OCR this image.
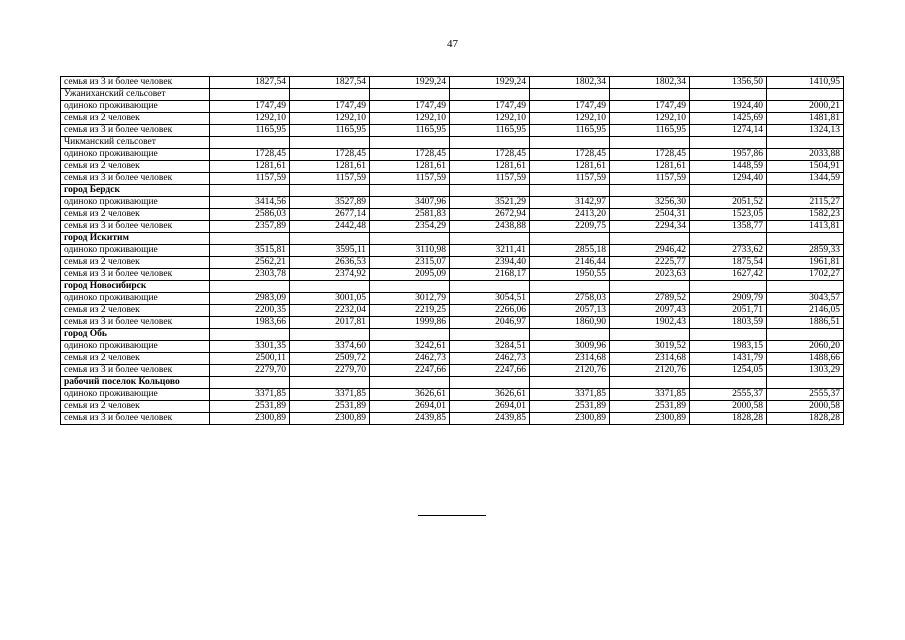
47
семья из 3 и более человек	1827,54	1827,54	1929,24	1929,24	1802,34	1802,34	1356,50	1410,95
Ужаниханский сельсовет								
одиноко проживающие	1747,49	1747,49	1747,49	1747,49	1747,49	1747,49	1924,40	2000,21
семья из 2 человек	1292,10	1292,10	1292,10	1292,10	1292,10	1292,10	1425,69	1481,81
семья из 3 и более человек	1165,95	1165,95	1165,95	1165,95	1165,95	1165,95	1274,14	1324,13
Чикманский сельсовет								
одиноко проживающие	1728,45	1728,45	1728,45	1728,45	1728,45	1728,45	1957,86	2033,88
семья из 2 человек	1281,61	1281,61	1281,61	1281,61	1281,61	1281,61	1448,59	1504,91
семья из 3 и более человек	1157,59	1157,59	1157,59	1157,59	1157,59	1157,59	1294,40	1344,59
город Бердск								
одиноко проживающие	3414,56	3527,89	3407,96	3521,29	3142,97	3256,30	2051,52	2115,27
семья из 2 человек	2586,03	2677,14	2581,83	2672,94	2413,20	2504,31	1523,05	1582,23
семья из 3 и более человек	2357,89	2442,48	2354,29	2438,88	2209,75	2294,34	1358,77	1413,81
город Искитим								
одиноко проживающие	3515,81	3595,11	3110,98	3211,41	2855,18	2946,42	2733,62	2859,33
семья из 2 человек	2562,21	2636,53	2315,07	2394,40	2146,44	2225,77	1875,54	1961,81
семья из 3 и более человек	2303,78	2374,92	2095,09	2168,17	1950,55	2023,63	1627,42	1702,27
город Новосибирск								
одиноко проживающие	2983,09	3001,05	3012,79	3054,51	2758,03	2789,52	2909,79	3043,57
семья из 2 человек	2200,35	2232,04	2219,25	2266,06	2057,13	2097,43	2051,71	2146,05
семья из 3 и более человек	1983,66	2017,81	1999,86	2046,97	1860,90	1902,43	1803,59	1886,51
город Обь								
одиноко проживающие	3301,35	3374,60	3242,61	3284,51	3009,96	3019,52	1983,15	2060,20
семья из 2 человек	2500,11	2509,72	2462,73	2462,73	2314,68	2314,68	1431,79	1488,66
семья из 3 и более человек	2279,70	2279,70	2247,66	2247,66	2120,76	2120,76	1254,05	1303,29
рабочий поселок Кольцово								
одиноко проживающие	3371,85	3371,85	3626,61	3626,61	3371,85	3371,85	2555,37	2555,37
семья из 2 человек	2531,89	2531,89	2694,01	2694,01	2531,89	2531,89	2000,58	2000,58
семья из 3 и более человек	2300,89	2300,89	2439,85	2439,85	2300,89	2300,89	1828,28	1828,28
